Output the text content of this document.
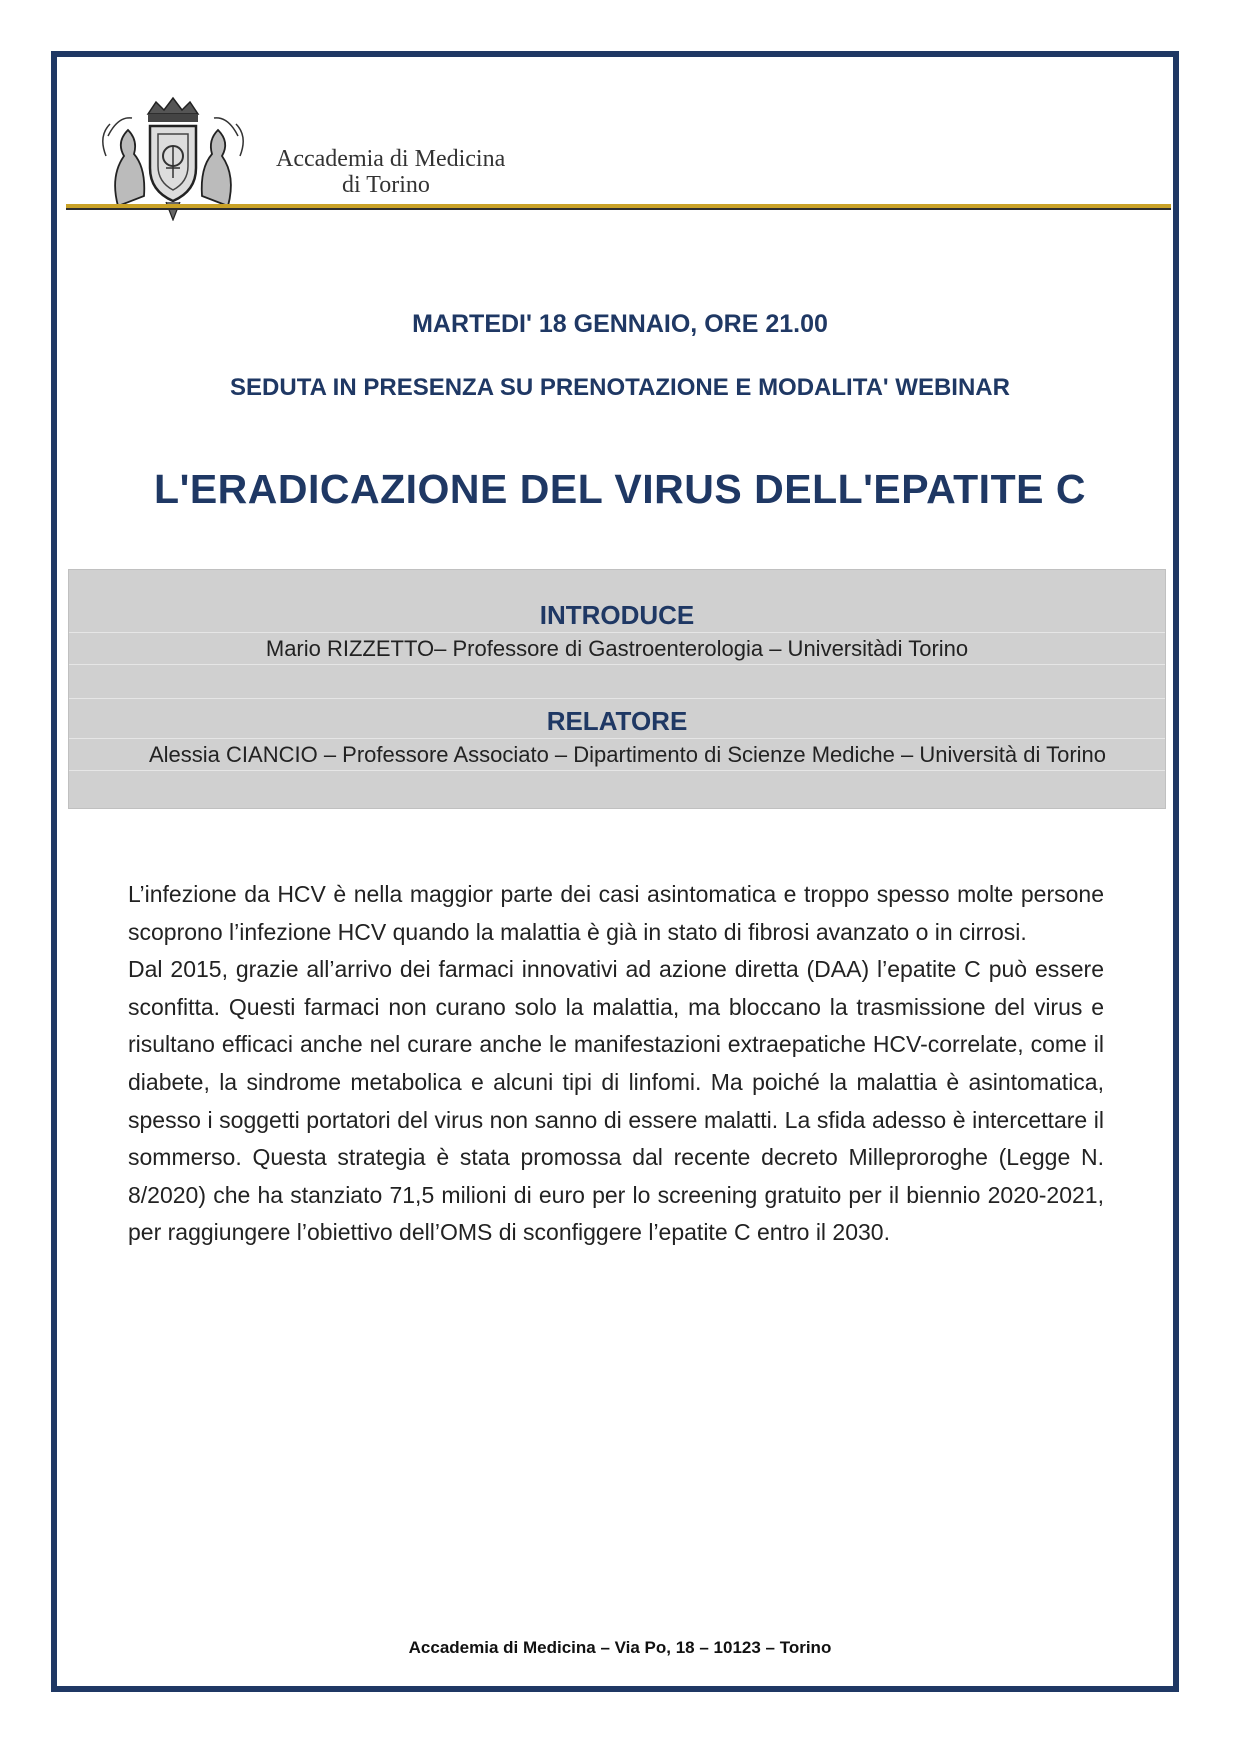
Accademia di Medicina
di Torino
MARTEDI' 18 GENNAIO, ORE 21.00
SEDUTA IN PRESENZA SU PRENOTAZIONE E MODALITA' WEBINAR
L'ERADICAZIONE DEL VIRUS DELL'EPATITE C
INTRODUCE
Mario RIZZETTO– Professore di Gastroenterologia – Universitàdi Torino
RELATORE
Alessia CIANCIO – Professore Associato – Dipartimento di Scienze Mediche – Università di Torino

L’infezione da HCV è nella maggior parte dei casi asintomatica e troppo spesso molte persone scoprono l’infezione HCV quando la malattia è già in stato di fibrosi avanzato o in cirrosi.

Dal 2015, grazie all’arrivo dei farmaci innovativi ad azione diretta (DAA) l’epatite C può essere sconfitta. Questi farmaci non curano solo la malattia, ma bloccano la trasmissione del virus e risultano efficaci anche nel curare anche le manifestazioni extraepatiche HCV-correlate, come il diabete, la sindrome metabolica e alcuni tipi di linfomi. Ma poiché la malattia è asintomatica, spesso i soggetti portatori del virus non sanno di essere malatti. La sfida adesso è intercettare il sommerso. Questa strategia è stata promossa dal recente decreto Milleproroghe (Legge N. 8/2020) che ha stanziato 71,5 milioni di euro per lo screening gratuito per il biennio 2020-2021, per raggiungere l’obiettivo dell’OMS di sconfiggere l’epatite C entro il 2030.

Accademia di Medicina – Via Po, 18 – 10123 – Torino
